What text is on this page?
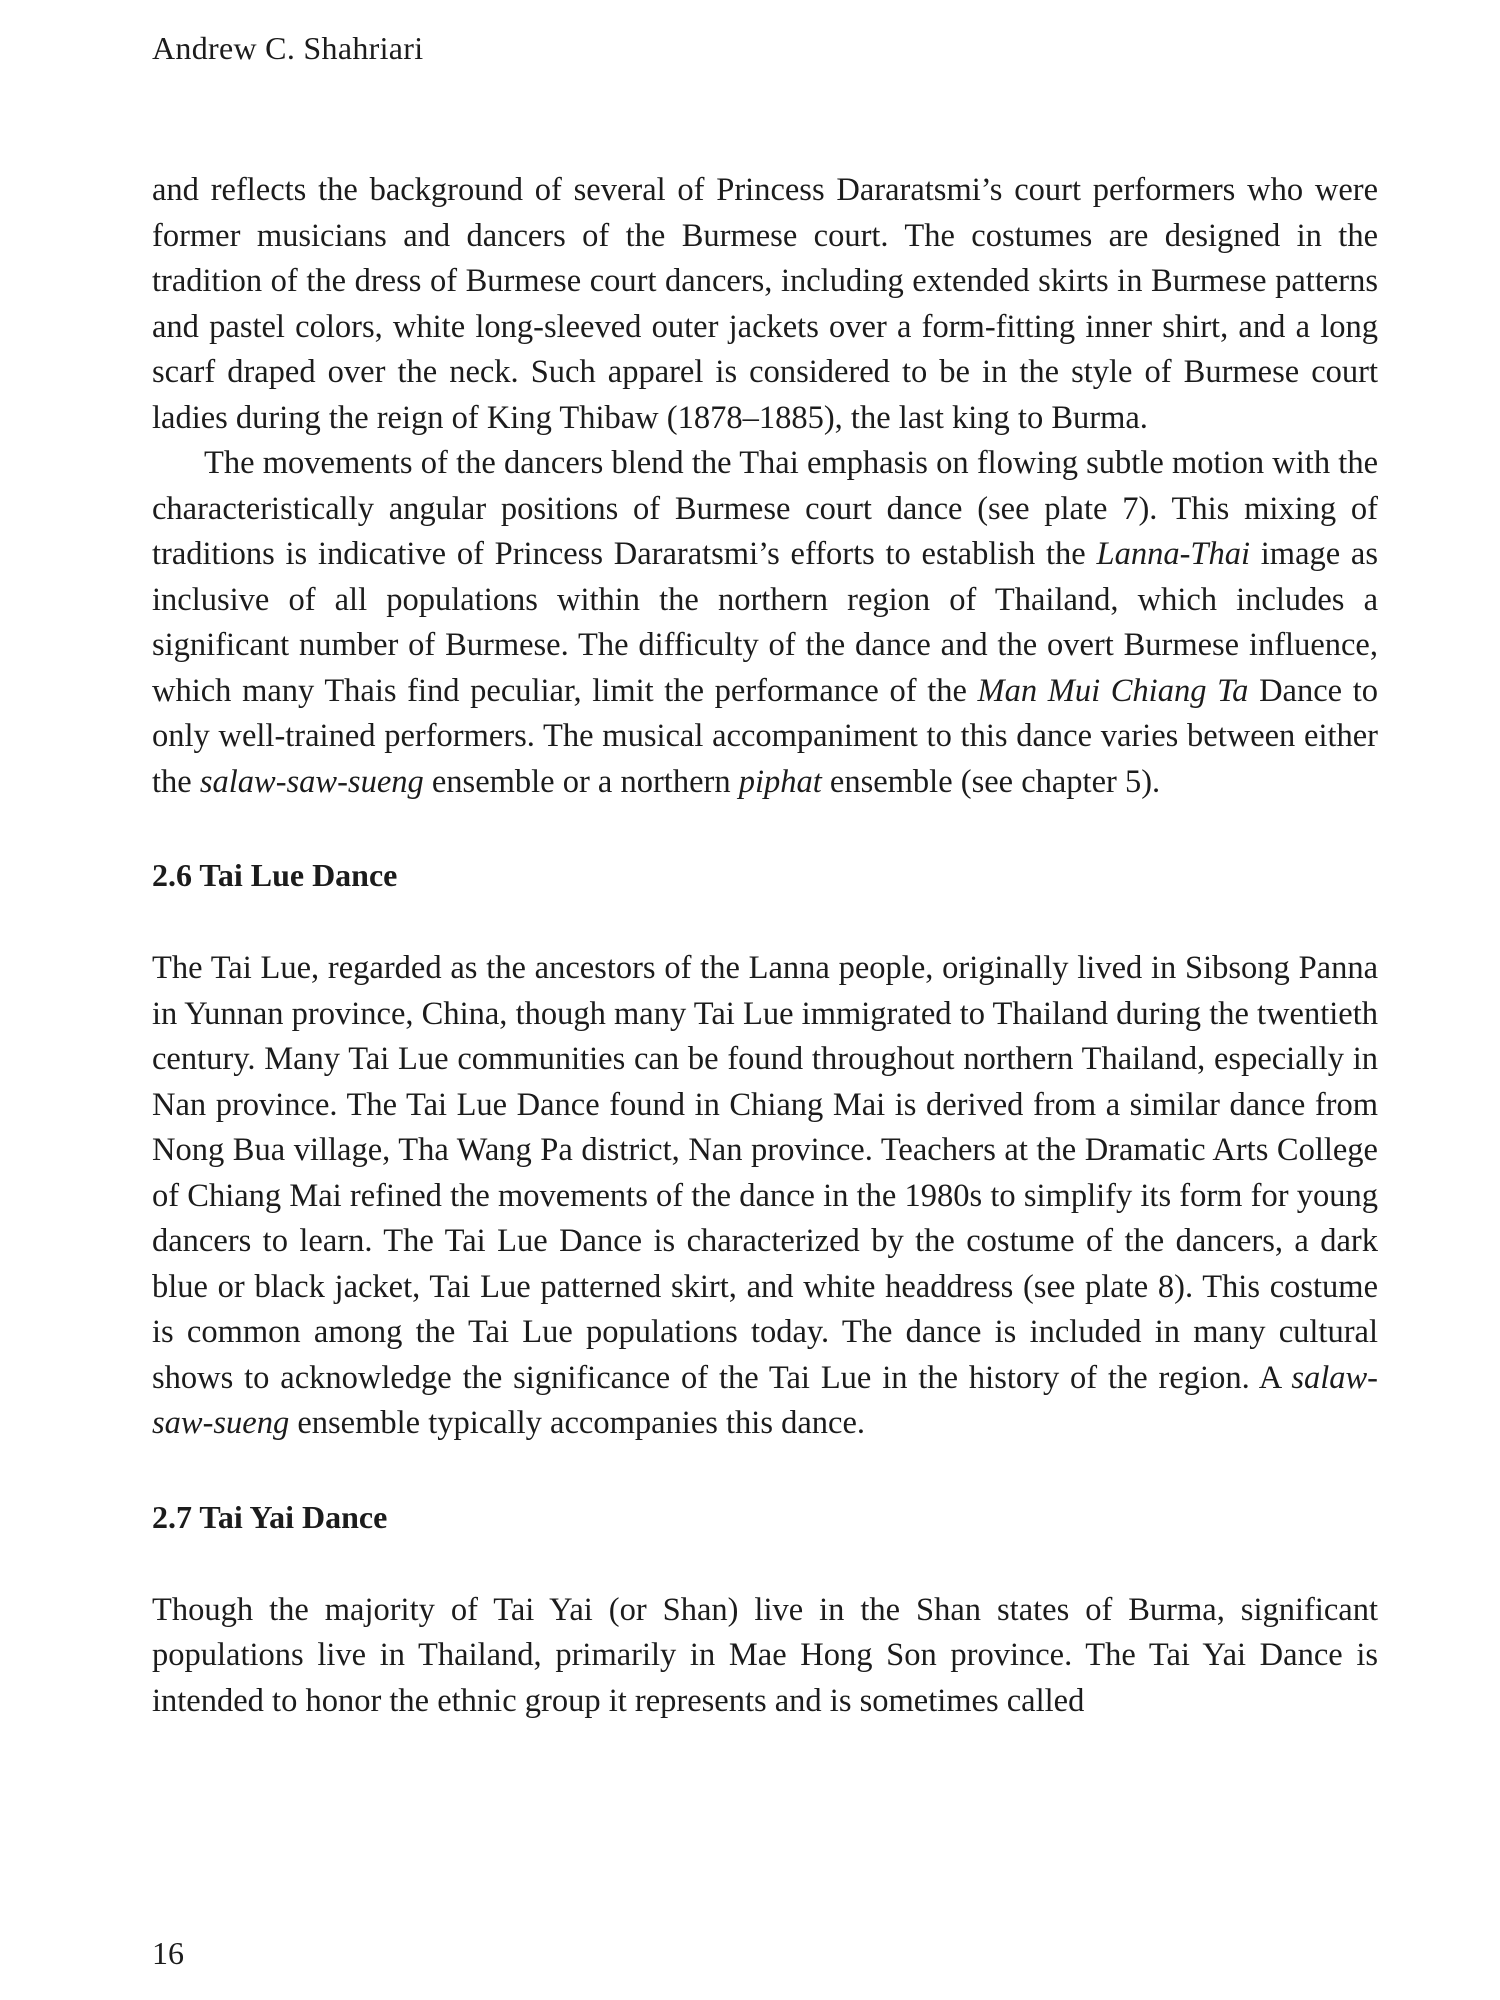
Andrew C. Shahriari

and reflects the background of several of Princess Dararatsmi’s court performers who were former musicians and dancers of the Burmese court. The costumes are designed in the tradition of the dress of Burmese court dancers, including extended skirts in Burmese patterns and pastel colors, white long-sleeved outer jackets over a form-fitting inner shirt, and a long scarf draped over the neck. Such apparel is considered to be in the style of Burmese court ladies during the reign of King Thibaw (1878–1885), the last king to Burma.

The movements of the dancers blend the Thai emphasis on flowing subtle motion with the characteristically angular positions of Burmese court dance (see plate 7). This mixing of traditions is indicative of Princess Dararatsmi’s efforts to establish the Lanna-Thai image as inclusive of all populations within the northern region of Thailand, which includes a significant number of Burmese. The difficulty of the dance and the overt Burmese influence, which many Thais find peculiar, limit the performance of the Man Mui Chiang Ta Dance to only well-trained performers. The musical accompaniment to this dance varies between either the salaw-saw-sueng ensemble or a northern piphat ensemble (see chapter 5).

2.6 Tai Lue Dance

The Tai Lue, regarded as the ancestors of the Lanna people, originally lived in Sibsong Panna in Yunnan province, China, though many Tai Lue immigrated to Thailand during the twentieth century. Many Tai Lue communities can be found throughout northern Thailand, especially in Nan province. The Tai Lue Dance found in Chiang Mai is derived from a similar dance from Nong Bua village, Tha Wang Pa district, Nan province. Teachers at the Dramatic Arts College of Chiang Mai refined the movements of the dance in the 1980s to simplify its form for young dancers to learn. The Tai Lue Dance is characterized by the costume of the dancers, a dark blue or black jacket, Tai Lue patterned skirt, and white headdress (see plate 8). This costume is common among the Tai Lue populations today. The dance is included in many cultural shows to acknowledge the significance of the Tai Lue in the history of the region. A salaw-saw-sueng ensemble typically accompanies this dance.

2.7 Tai Yai Dance

Though the majority of Tai Yai (or Shan) live in the Shan states of Burma, significant populations live in Thailand, primarily in Mae Hong Son province. The Tai Yai Dance is intended to honor the ethnic group it represents and is sometimes called

16
